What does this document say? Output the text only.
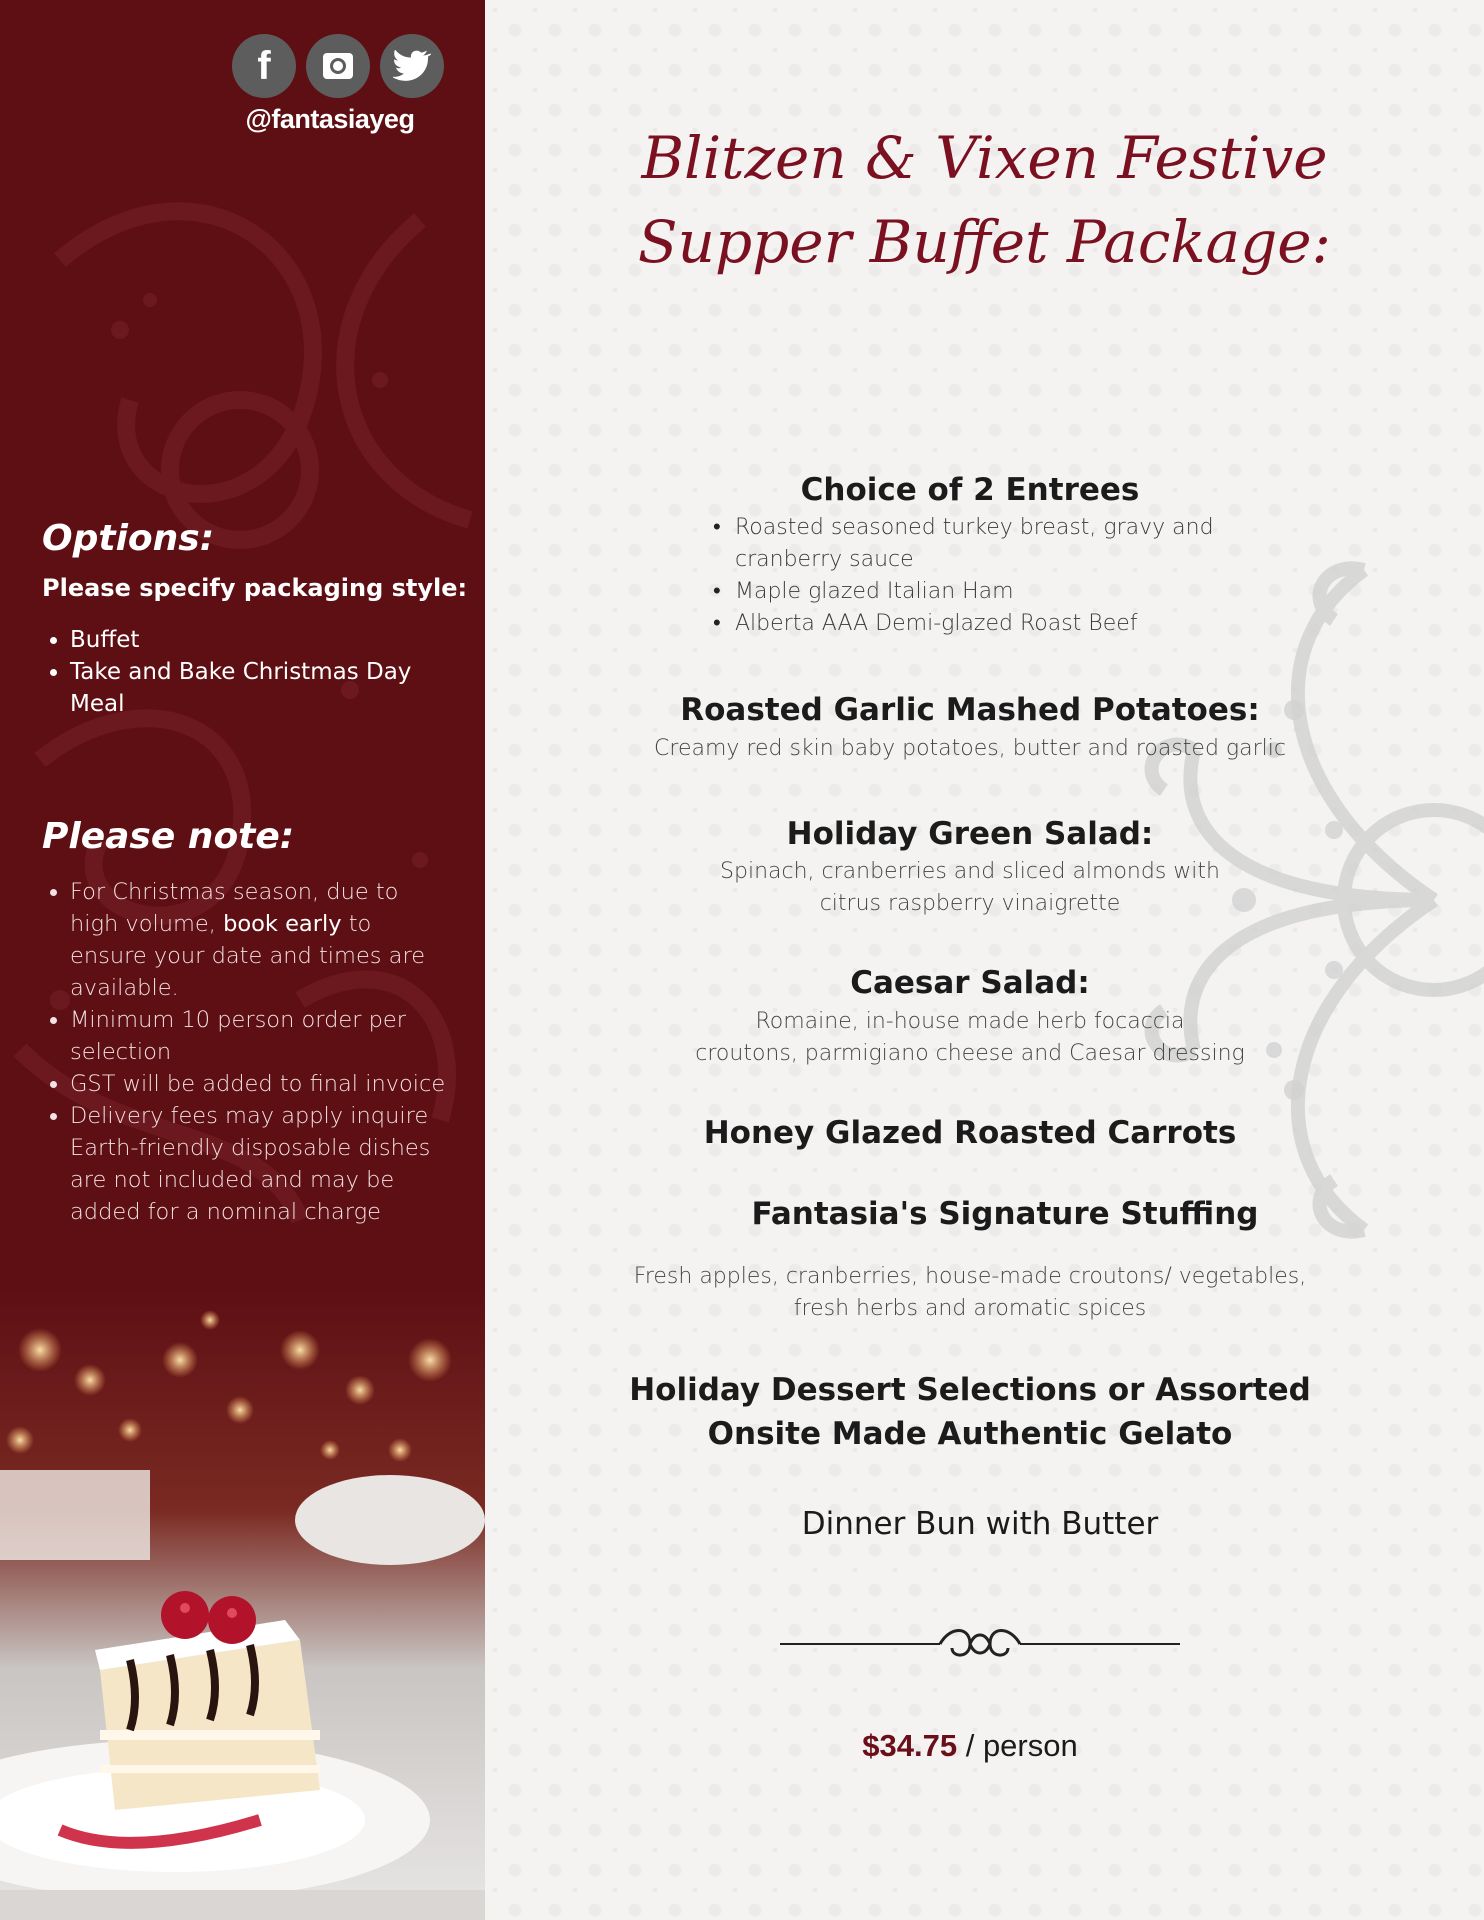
Blitzen & Vixen Festive
Supper Buffet Package:
Choice of 2 Entrees
• Roasted seasoned turkey breast, gravy and cranberry sauce
• Maple glazed Italian Ham
• Alberta AAA Demi-glazed Roast Beef
Roasted Garlic Mashed Potatoes:
Creamy red skin baby potatoes, butter and roasted garlic
Holiday Green Salad:
Spinach, cranberries and sliced almonds with
citrus raspberry vinaigrette
Caesar Salad:
Romaine, in-house made herb focaccia
croutons, parmigiano cheese and Caesar dressing
Honey Glazed Roasted Carrots
Fantasia's Signature Stuffing
Fresh apples, cranberries, house-made croutons/ vegetables,
fresh herbs and aromatic spices
Holiday Dessert Selections or Assorted
Onsite Made Authentic Gelato
Dinner Bun with Butter
$34.75 / person
f
@fantasiayeg
Options:
Please specify packaging style:
• Buffet
• Take and Bake Christmas Day Meal
Please note:
• For Christmas season, due to high volume, book early to ensure your date and times are available.
• Minimum 10 person order per selection
• GST will be added to final invoice
• Delivery fees may apply inquire Earth-friendly disposable dishes are not included and may be added for a nominal charge
